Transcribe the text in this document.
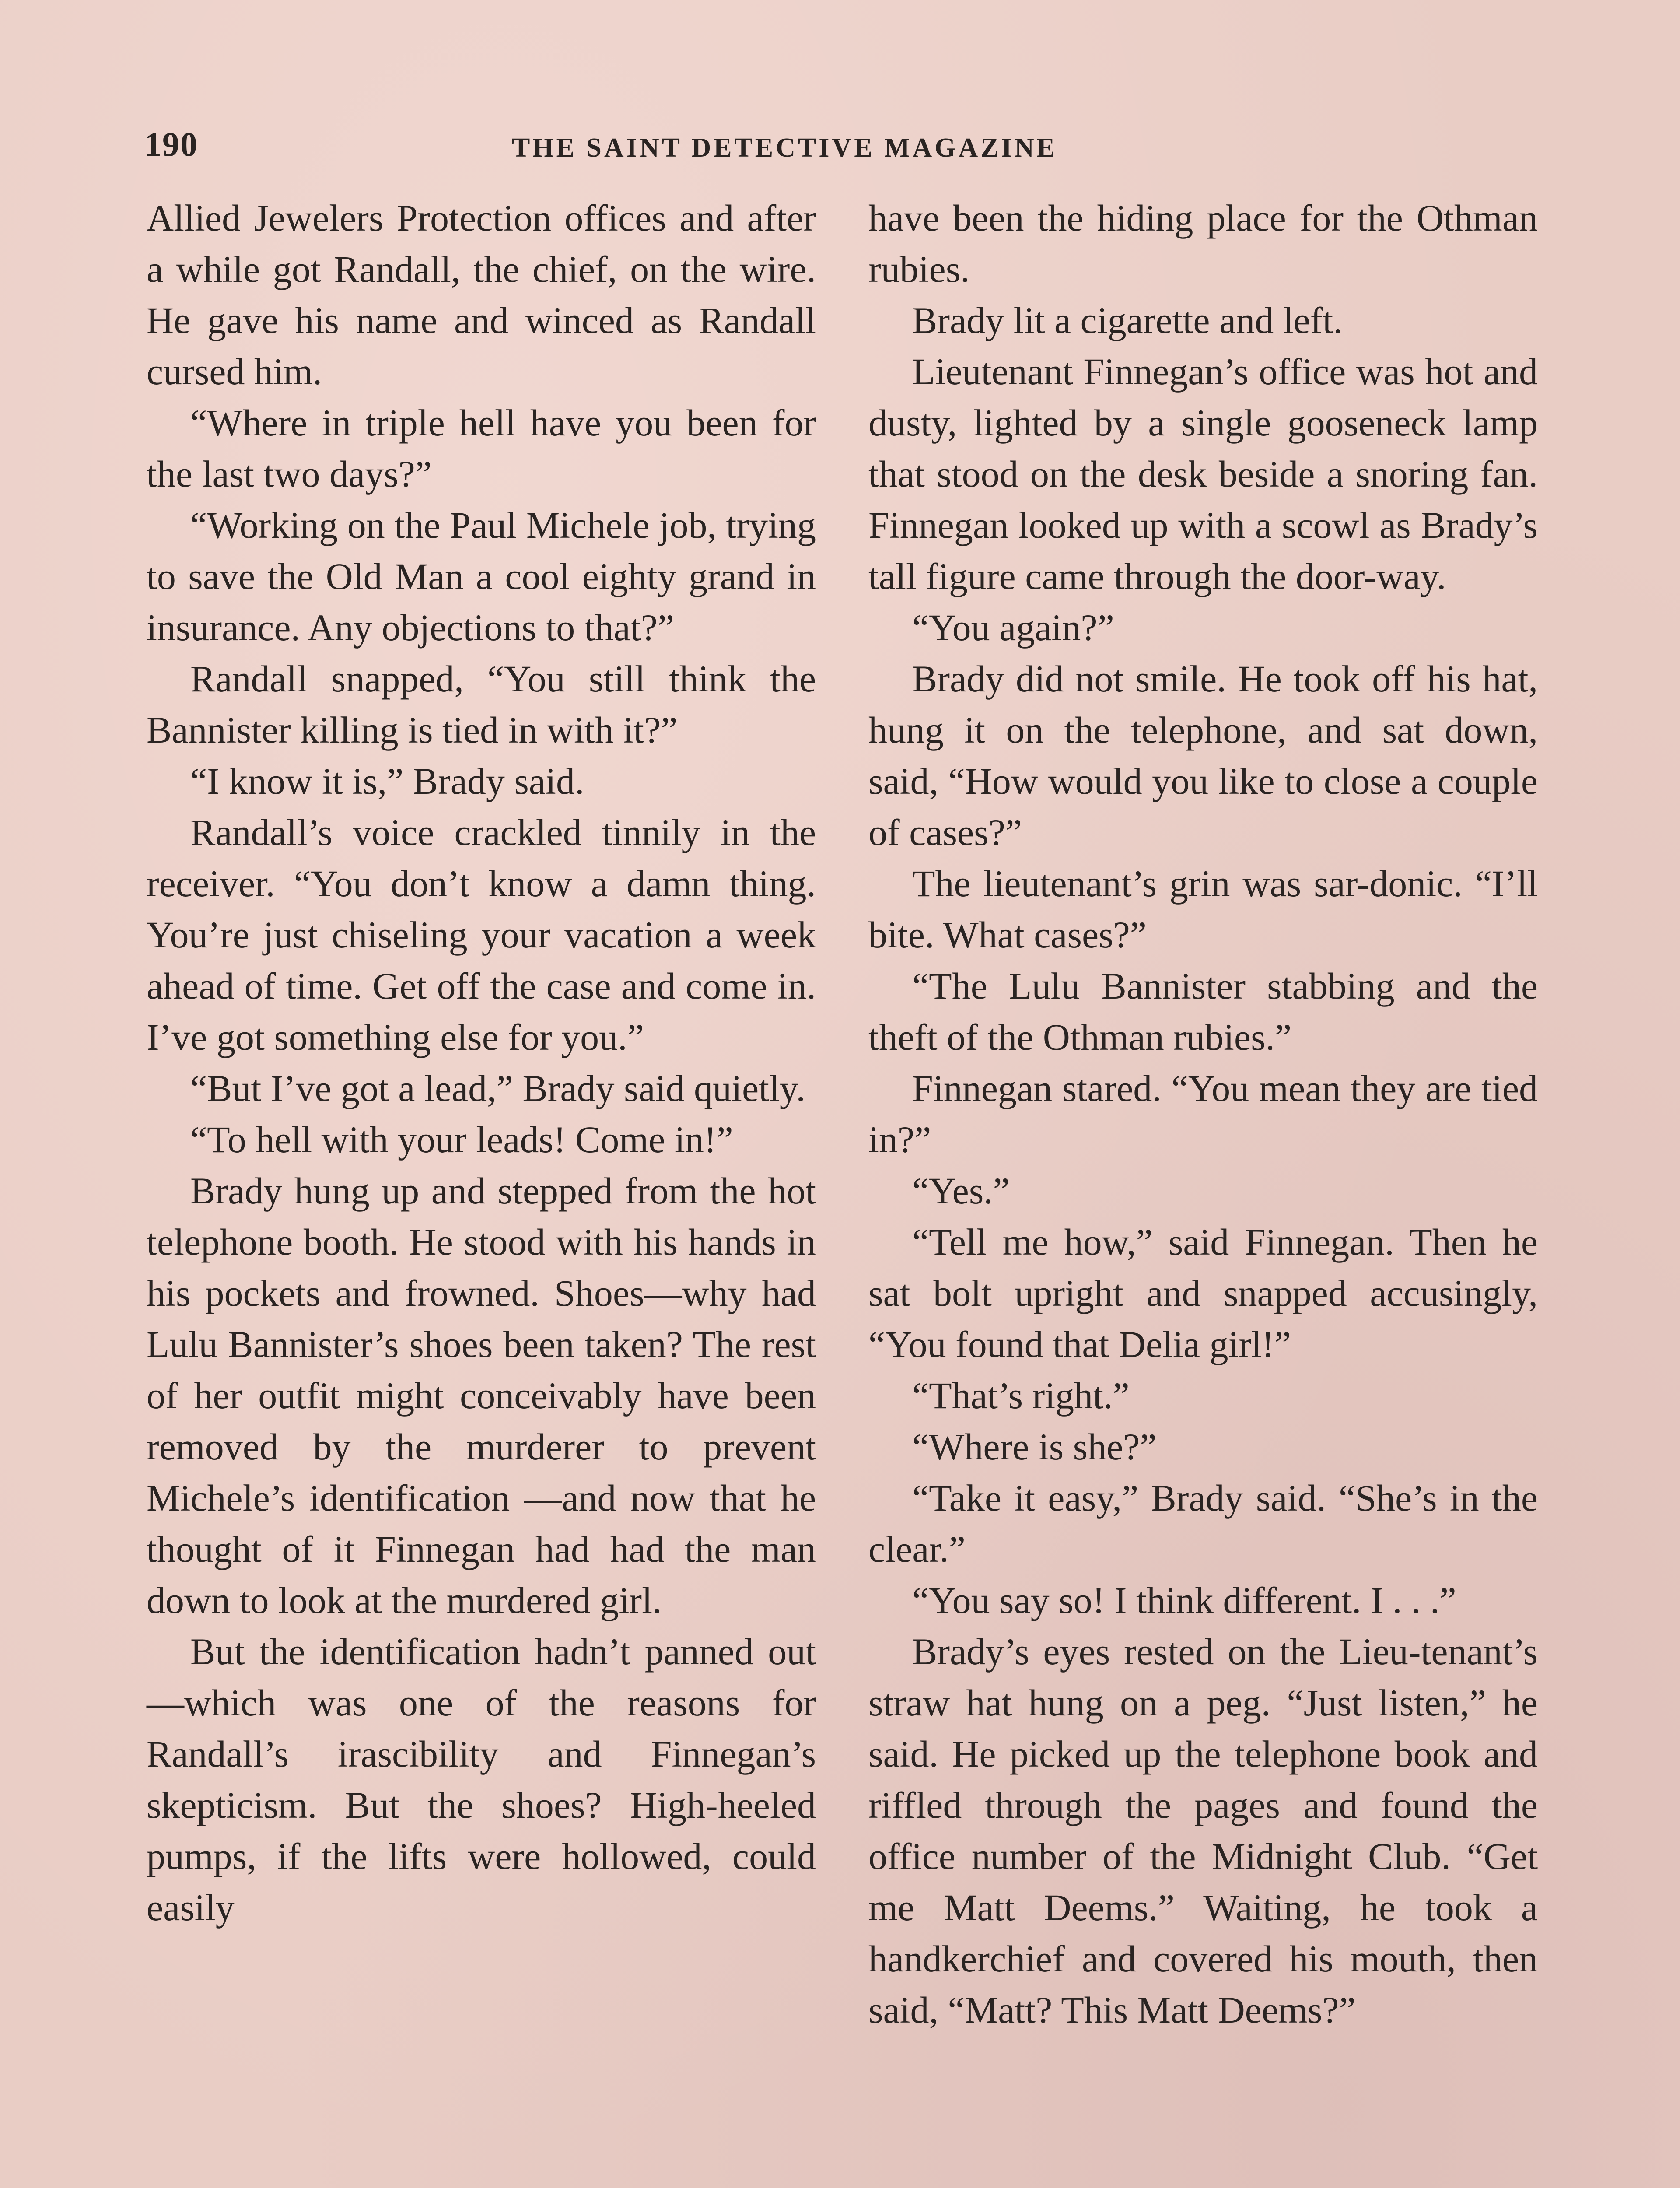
190	THE SAINT DETECTIVE MAGAZINE

Allied Jewelers Protection offices and after a while got Randall, the chief, on the wire. He gave his name and winced as Randall cursed him.

“Where in triple hell have you been for the last two days?”

“Working on the Paul Michele job, trying to save the Old Man a cool eighty grand in insurance. Any objections to that?”

Randall snapped, “You still think the Bannister killing is tied in with it?”

“I know it is,” Brady said.

Randall’s voice crackled tinnily in the receiver. “You don’t know a damn thing. You’re just chiseling your vacation a week ahead of time. Get off the case and come in. I’ve got something else for you.”

“But I’ve got a lead,” Brady said quietly.

“To hell with your leads! Come in!”

Brady hung up and stepped from the hot telephone booth. He stood with his hands in his pockets and frowned. Shoes—why had Lulu Bannister’s shoes been taken? The rest of her outfit might conceivably have been removed by the murderer to prevent Michele’s identification —and now that he thought of it Finnegan had had the man down to look at the murdered girl.

But the identification hadn’t panned out—which was one of the reasons for Randall’s irascibility and Finnegan’s skepticism. But the shoes? High-heeled pumps, if the lifts were hollowed, could easily

have been the hiding place for the Othman rubies.

Brady lit a cigarette and left.

Lieutenant Finnegan’s office was hot and dusty, lighted by a single gooseneck lamp that stood on the desk beside a snoring fan. Finnegan looked up with a scowl as Brady’s tall figure came through the door-way.

“You again?”

Brady did not smile. He took off his hat, hung it on the telephone, and sat down, said, “How would you like to close a couple of cases?”

The lieutenant’s grin was sar-donic. “I’ll bite. What cases?”

“The Lulu Bannister stabbing and the theft of the Othman rubies.”

Finnegan stared. “You mean they are tied in?”

“Yes.”

“Tell me how,” said Finnegan. Then he sat bolt upright and snapped accusingly, “You found that Delia girl!”

“That’s right.”

“Where is she?”

“Take it easy,” Brady said. “She’s in the clear.”

“You say so! I think different. I . . .”

Brady’s eyes rested on the Lieu-tenant’s straw hat hung on a peg. “Just listen,” he said. He picked up the telephone book and riffled through the pages and found the office number of the Midnight Club. “Get me Matt Deems.” Waiting, he took a handkerchief and covered his mouth, then said, “Matt? This Matt Deems?”
